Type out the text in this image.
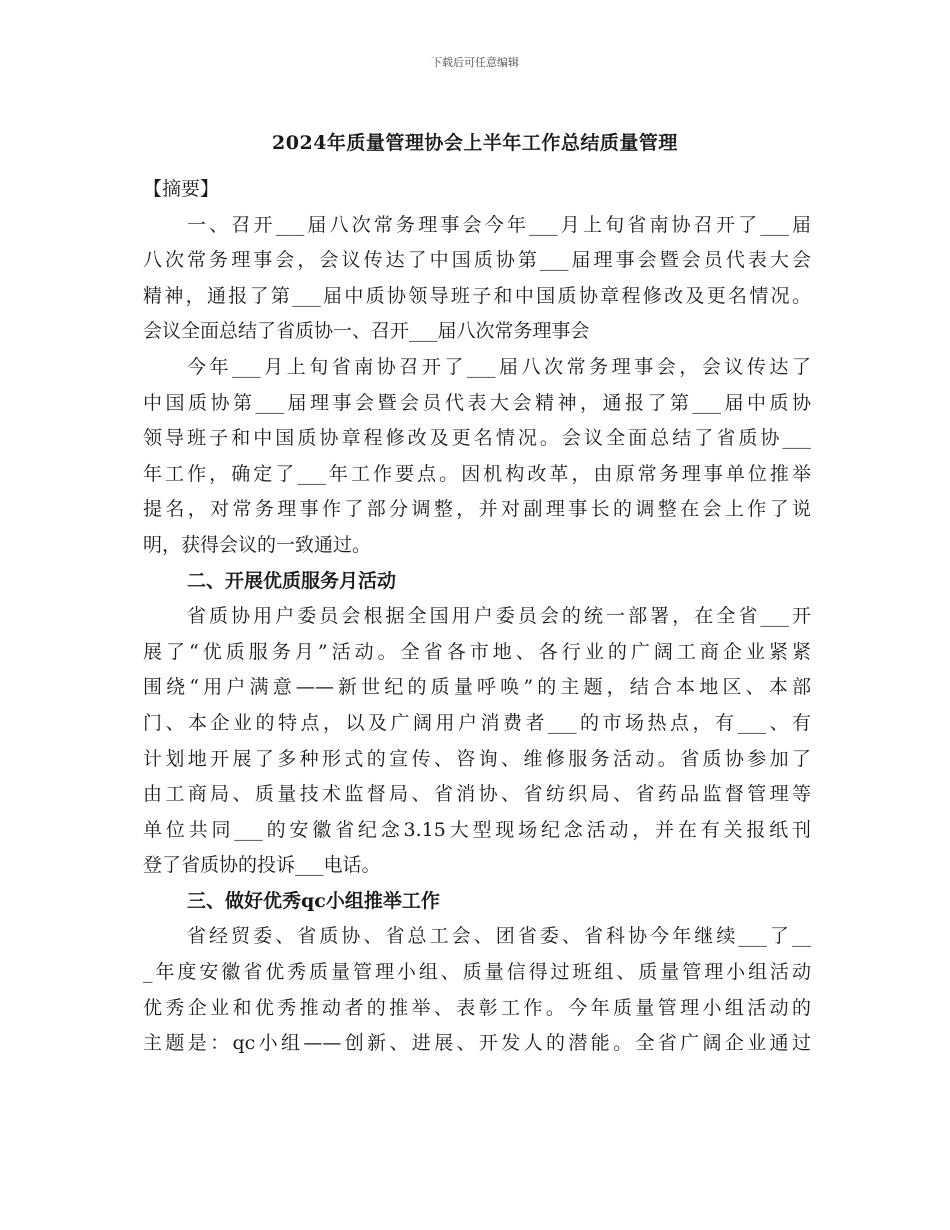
下载后可任意编辑
2024年质量管理协会上半年工作总结质量管理
【摘要】
一、召开___届八次常务理事会今年___月上旬省南协召开了___届
八次常务理事会，会议传达了中国质协第___届理事会暨会员代表大会
精神，通报了第___届中质协领导班子和中国质协章程修改及更名情况。
会议全面总结了省质协一、召开___届八次常务理事会
今年___月上旬省南协召开了___届八次常务理事会，会议传达了
中国质协第___届理事会暨会员代表大会精神，通报了第___届中质协
领导班子和中国质协章程修改及更名情况。会议全面总结了省质协___
年工作，确定了___年工作要点。因机构改革，由原常务理事单位推举
提名，对常务理事作了部分调整，并对副理事长的调整在会上作了说
明，获得会议的一致通过。
二、开展优质服务月活动
省质协用户委员会根据全国用户委员会的统一部署，在全省___开
展了“优质服务月”活动。全省各市地、各行业的广阔工商企业紧紧
围绕“用户满意——新世纪的质量呼唤”的主题，结合本地区、本部
门、本企业的特点，以及广阔用户消费者___的市场热点，有___、有
计划地开展了多种形式的宣传、咨询、维修服务活动。省质协参加了
由工商局、质量技术监督局、省消协、省纺织局、省药品监督管理等
单位共同___的安徽省纪念3.15大型现场纪念活动，并在有关报纸刊
登了省质协的投诉___电话。
三、做好优秀qc小组推举工作
省经贸委、省质协、省总工会、团省委、省科协今年继续___了__
_年度安徽省优秀质量管理小组、质量信得过班组、质量管理小组活动
优秀企业和优秀推动者的推举、表彰工作。今年质量管理小组活动的
主题是：qc小组——创新、进展、开发人的潜能。全省广阔企业通过
